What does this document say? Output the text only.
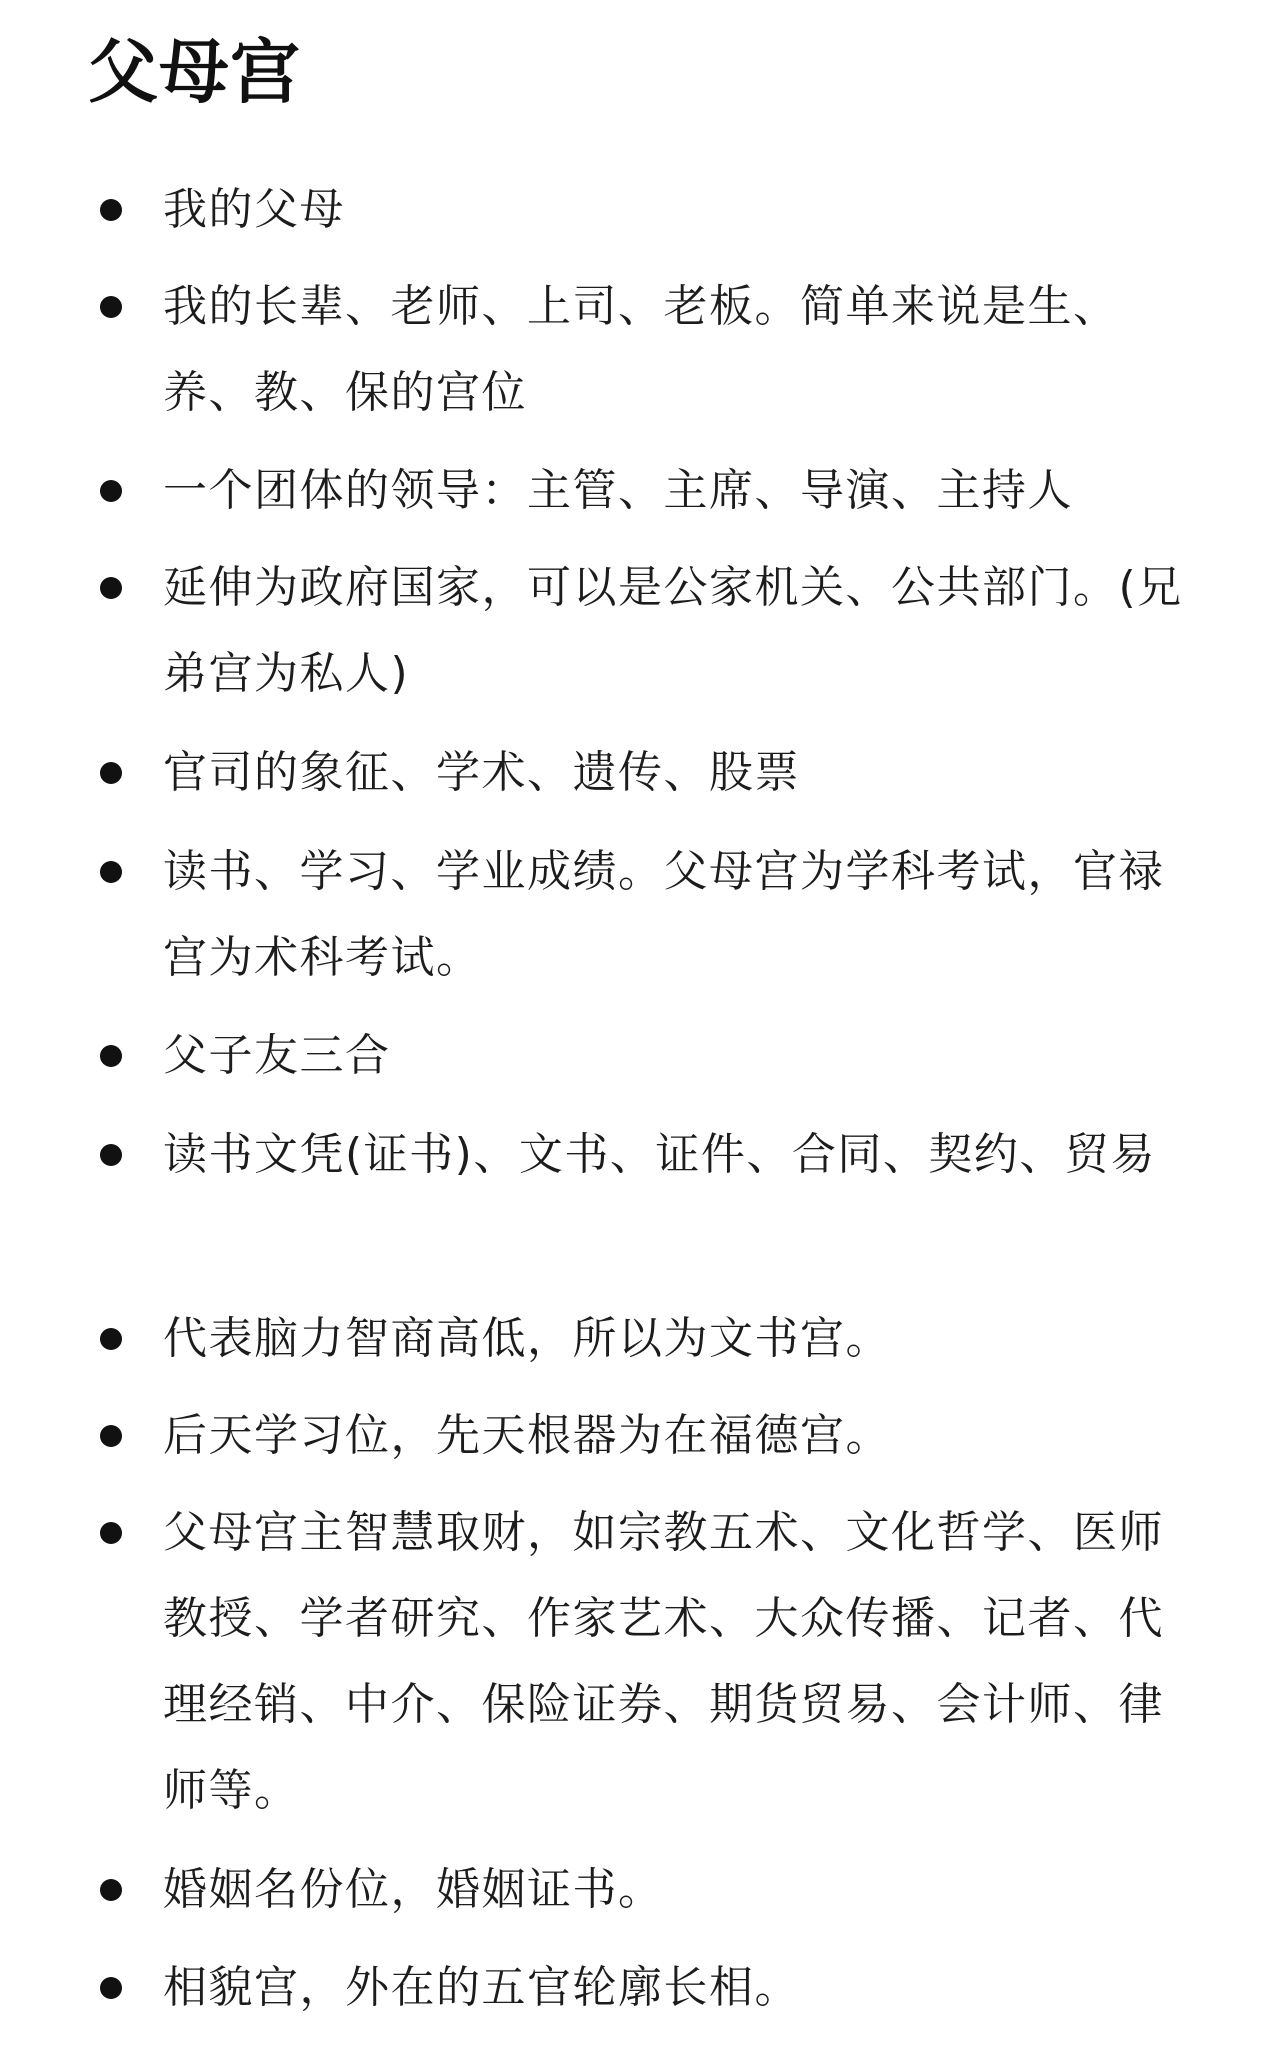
父母宫
我的父母
我的长辈、老师、上司、老板。简单来说是生、养、教、保的宫位
一个团体的领导：主管、主席、导演、主持人
延伸为政府国家，可以是公家机关、公共部门。(兄弟宫为私人)
官司的象征、学术、遗传、股票
读书、学习、学业成绩。父母宫为学科考试，官禄宫为术科考试。
父子友三合
读书文凭(证书)、文书、证件、合同、契约、贸易
代表脑力智商高低，所以为文书宫。
后天学习位，先天根器为在福德宫。
父母宫主智慧取财，如宗教五术、文化哲学、医师教授、学者研究、作家艺术、大众传播、记者、代理经销、中介、保险证券、期货贸易、会计师、律师等。
婚姻名份位，婚姻证书。
相貌宫，外在的五官轮廓长相。
